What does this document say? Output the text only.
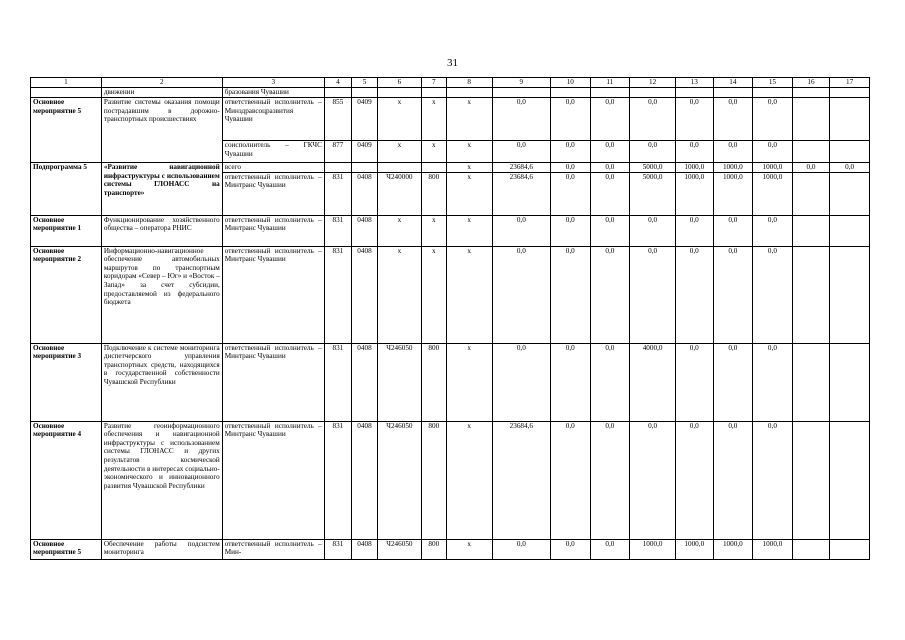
31
1	2	3	4	5	6	7	8	9	10	11	12	13	14	15	16	17
	движении	бразования Чувашии														
Основное мероприятие 5	Развитие системы оказания помощи пострадавшим в дорожно-транспортных происшествиях	ответственный исполнитель – Минздравсоцразвития Чувашии	855	0409	x	x	x	0,0	0,0	0,0	0,0	0,0	0,0	0,0		
		соисполнитель – ГКЧС Чувашии	877	0409	x	x	x	0,0	0,0	0,0	0,0	0,0	0,0	0,0		
Подпрограмма 5	«Развитие навигационной инфраструктуры с использованием системы ГЛОНАСС на транспорте»	всего					x	23684,6	0,0	0,0	5000,0	1000,0	1000,0	1000,0	0,0	0,0
		ответственный исполнитель – Минтранс Чувашии	831	0408	Ч240000	800	x	23684,6	0,0	0,0	5000,0	1000,0	1000,0	1000,0		
Основное мероприятие 1	Функционирование хозяйственного общества – оператора РНИС	ответственный исполнитель – Минтранс Чувашии	831	0408	x	x	x	0,0	0,0	0,0	0,0	0,0	0,0	0,0		
Основное мероприятие 2	Информационно-навигационное обеспечение автомобильных маршрутов по транспортным коридорам «Север – Юг» и «Восток – Запад» за счет субсидии, предоставляемой из федерального бюджета	ответственный исполнитель – Минтранс Чувашии	831	0408	x	x	x	0,0	0,0	0,0	0,0	0,0	0,0	0,0		
Основное мероприятие 3	Подключение к системе мониторинга диспетчерского управления транспортных средств, находящихся в государственной собственности Чувашской Республики	ответственный исполнитель – Минтранс Чувашии	831	0408	Ч246050	800	x	0,0	0,0	0,0	4000,0	0,0	0,0	0,0		
Основное мероприятие 4	Развитие геоинформационного обеспечения и навигационной инфраструктуры с использованием системы ГЛОНАСС и других результатов космической деятельности в интересах социально-экономического и инновационного развития Чувашской Республики	ответственный исполнитель – Минтранс Чувашии	831	0408	Ч246050	800	x	23684,6	0,0	0,0	0,0	0,0	0,0	0,0		
Основное мероприятие 5	Обеспечение работы подсистем мониторинга	ответственный исполнитель – Мин-	831	0408	Ч246050	800	x	0,0	0,0	0,0	1000,0	1000,0	1000,0	1000,0		
